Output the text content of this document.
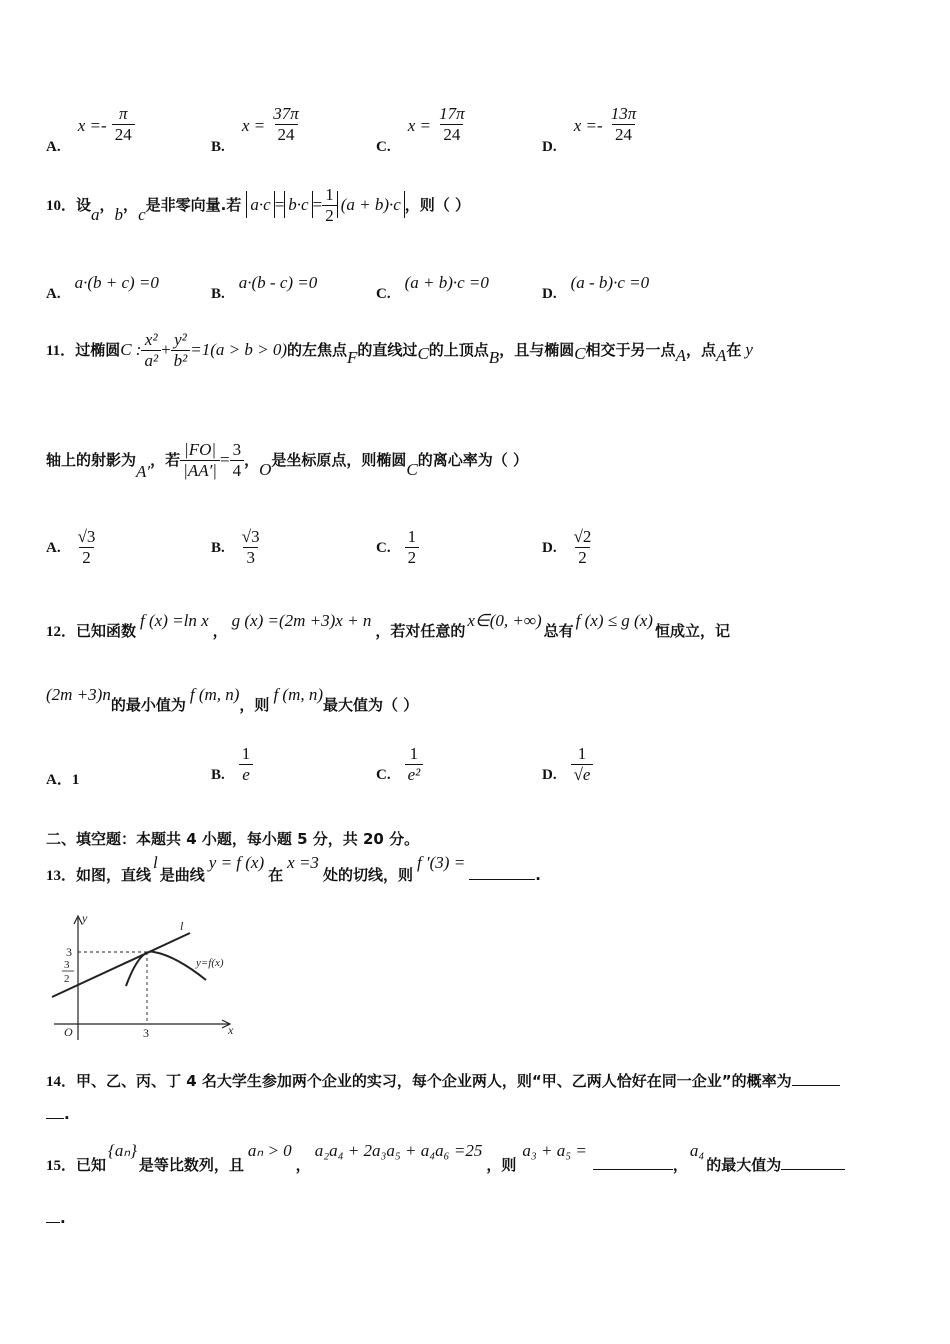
A. $x =- \frac{\pi}{24}$
B. $x = \frac{37\pi}{24}$
C. $x = \frac{17\pi}{24}$
D. $x =- \frac{13\pi}{24}$
10．设a，b，c是非零向量.若 $a\cdot c = b\cdot c = \frac{1}{2} (a + b)\cdot c$ ，则（ ）
A.a·(b + c) =0
B.a·(b - c) =0
C.(a + b)·c =0
D.(a - b)·c =0
11．过椭圆C : $\frac{\text{x²}}{\text{a²}} + \frac{\text{y²}}{\text{b²}} =1(a > b > 0)$的左焦点F的直线过C的上顶点B，且与椭圆C相交于另一点A，点A在 y
轴上的射影为A′，若 $\frac{|FO|}{|AA'|} = \frac{3}{4}$ ，O是坐标原点，则椭圆C的离心率为（ ）
A. $\frac{√3}{2}$	B. $\frac{√3}{3}$	C. $\frac{1}{2}$	D. $\frac{√2}{2}$
12．已知函数f (x) =ln x，g (x) =(2m +3)x + n，若对任意的x∈(0, +∞)总有f (x) ≤ g (x)恒成立，记
(2m +3)n的最小值为f (m, n)，则f (m, n)最大值为（ ）
A．1	B. $\frac{1}{e}$	C. $\frac{1}{\text{e²}}$	D. $\frac{1}{√e}$
二、填空题：本题共 4 小题，每小题 5 分，共 20 分。
13．如图，直线l是曲线y = f (x)在x =3处的切线，则f ′(3) =.
y
x
O
l
y=f(x)
3
3
2
3
14．甲、乙、丙、丁 4 名大学生参加两个企业的实习，每个企业两人，则“甲、乙两人恰好在同一企业”的概率为
.
15．已知{aₙ}是等比数列，且aₙ > 0，a₂a₄ + 2a₃a₅ + a₄a₆ =25，则a₃ + a₅ =，a₄的最大值为
.
